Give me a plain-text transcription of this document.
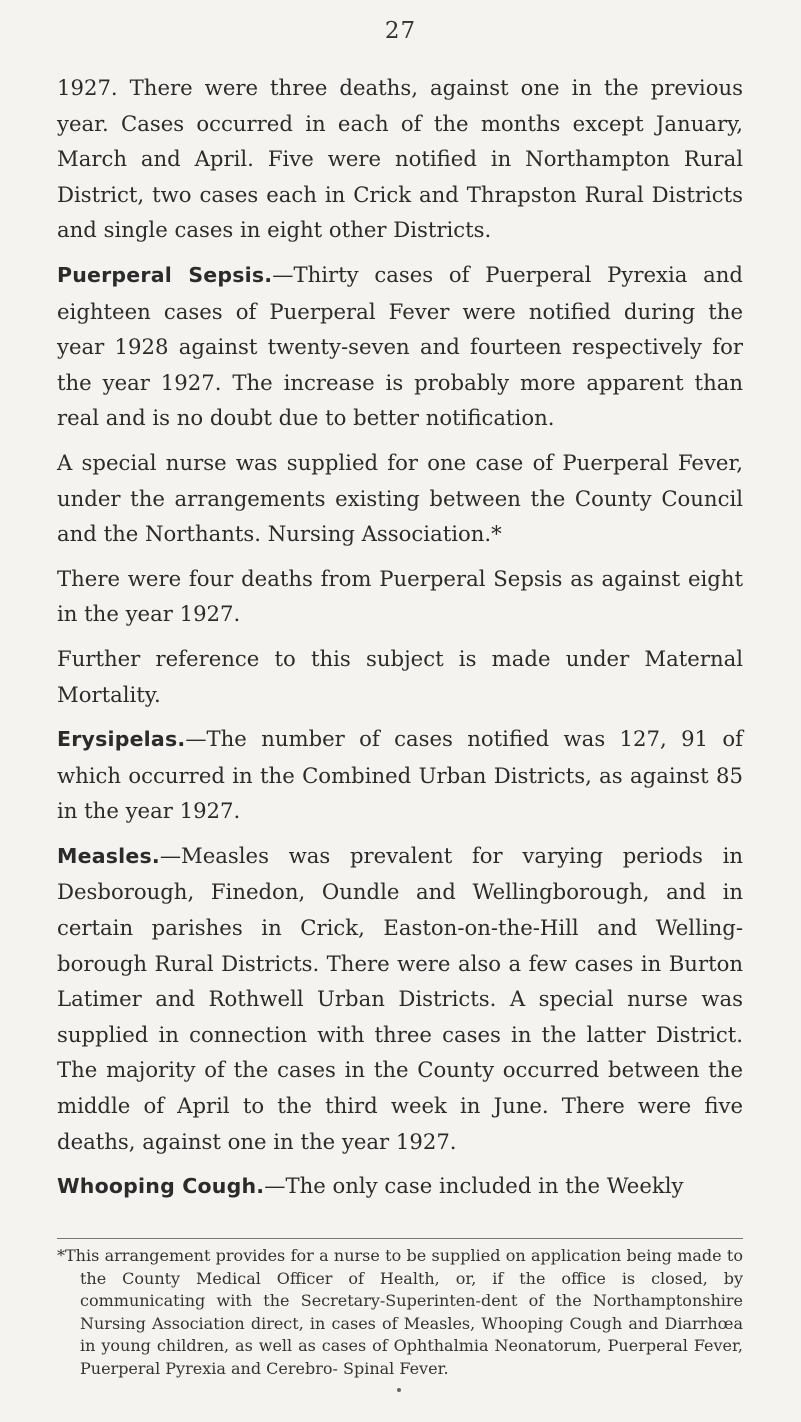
27

1927. There were three deaths, against one in the previous year. Cases occurred in each of the months except January, March and April. Five were notified in Northampton Rural District, two cases each in Crick and Thrapston Rural Districts and single cases in eight other Districts.

Puerperal Sepsis.—Thirty cases of Puerperal Pyrexia and eighteen cases of Puerperal Fever were notified during the year 1928 against twenty-seven and fourteen respectively for the year 1927. The increase is probably more apparent than real and is no doubt due to better notification.

A special nurse was supplied for one case of Puerperal Fever, under the arrangements existing between the County Council and the Northants. Nursing Association.*

There were four deaths from Puerperal Sepsis as against eight in the year 1927.

Further reference to this subject is made under Maternal Mortality.

Erysipelas.—The number of cases notified was 127, 91 of which occurred in the Combined Urban Districts, as against 85 in the year 1927.

Measles.—Measles was prevalent for varying periods in Desborough, Finedon, Oundle and Wellingborough, and in certain parishes in Crick, Easton-on-the-Hill and Welling-borough Rural Districts. There were also a few cases in Burton Latimer and Rothwell Urban Districts. A special nurse was supplied in connection with three cases in the latter District. The majority of the cases in the County occurred between the middle of April to the third week in June. There were five deaths, against one in the year 1927.

Whooping Cough.—The only case included in the Weekly

*This arrangement provides for a nurse to be supplied on application being made to the County Medical Officer of Health, or, if the office is closed, by communicating with the Secretary-Superinten-dent of the Northamptonshire Nursing Association direct, in cases of Measles, Whooping Cough and Diarrhœa in young children, as well as cases of Ophthalmia Neonatorum, Puerperal Fever, Puerperal Pyrexia and Cerebro- Spinal Fever.
